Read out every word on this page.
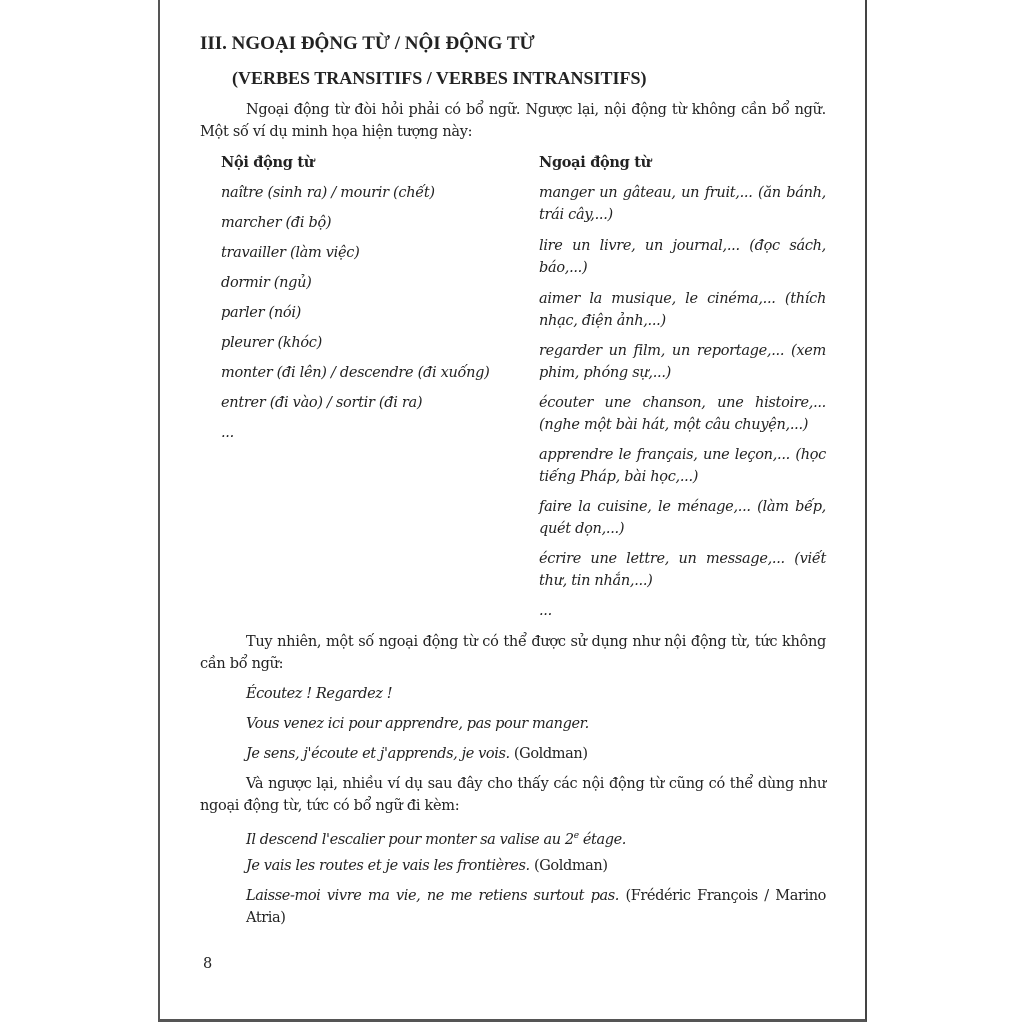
III. NGOẠI ĐỘNG TỪ / NỘI ĐỘNG TỪ
(VERBES TRANSITIFS / VERBES INTRANSITIFS)
Ngoại động từ đòi hỏi phải có bổ ngữ. Ngược lại, nội động từ không cần bổ ngữ. Một số ví dụ minh họa hiện tượng này:
Nội động từ
naître (sinh ra) / mourir (chết)
marcher (đi bộ)
travailler (làm việc)
dormir (ngủ)
parler (nói)
pleurer (khóc)
monter (đi lên) / descendre (đi xuống)
entrer (đi vào) / sortir (đi ra)
...
Ngoại động từ
manger un gâteau, un fruit,... (ăn bánh, trái cây,...)
lire un livre, un journal,... (đọc sách, báo,...)
aimer la musique, le cinéma,... (thích nhạc, điện ảnh,...)
regarder un film, un reportage,... (xem phim, phóng sự,...)
écouter une chanson, une histoire,... (nghe một bài hát, một câu chuyện,...)
apprendre le français, une leçon,... (học tiếng Pháp, bài học,...)
faire la cuisine, le ménage,... (làm bếp, quét dọn,...)
écrire une lettre, un message,... (viết thư, tin nhắn,...)
...
Tuy nhiên, một số ngoại động từ có thể được sử dụng như nội động từ, tức không cần bổ ngữ:
Écoutez ! Regardez !
Vous venez ici pour apprendre, pas pour manger.
Je sens, j'écoute et j'apprends, je vois. (Goldman)
Và ngược lại, nhiều ví dụ sau đây cho thấy các nội động từ cũng có thể dùng như ngoại động từ, tức có bổ ngữ đi kèm:
Il descend l'escalier pour monter sa valise au 2e étage.
Je vais les routes et je vais les frontières. (Goldman)
Laisse-moi vivre ma vie, ne me retiens surtout pas. (Frédéric François / Marino Atria)
8
